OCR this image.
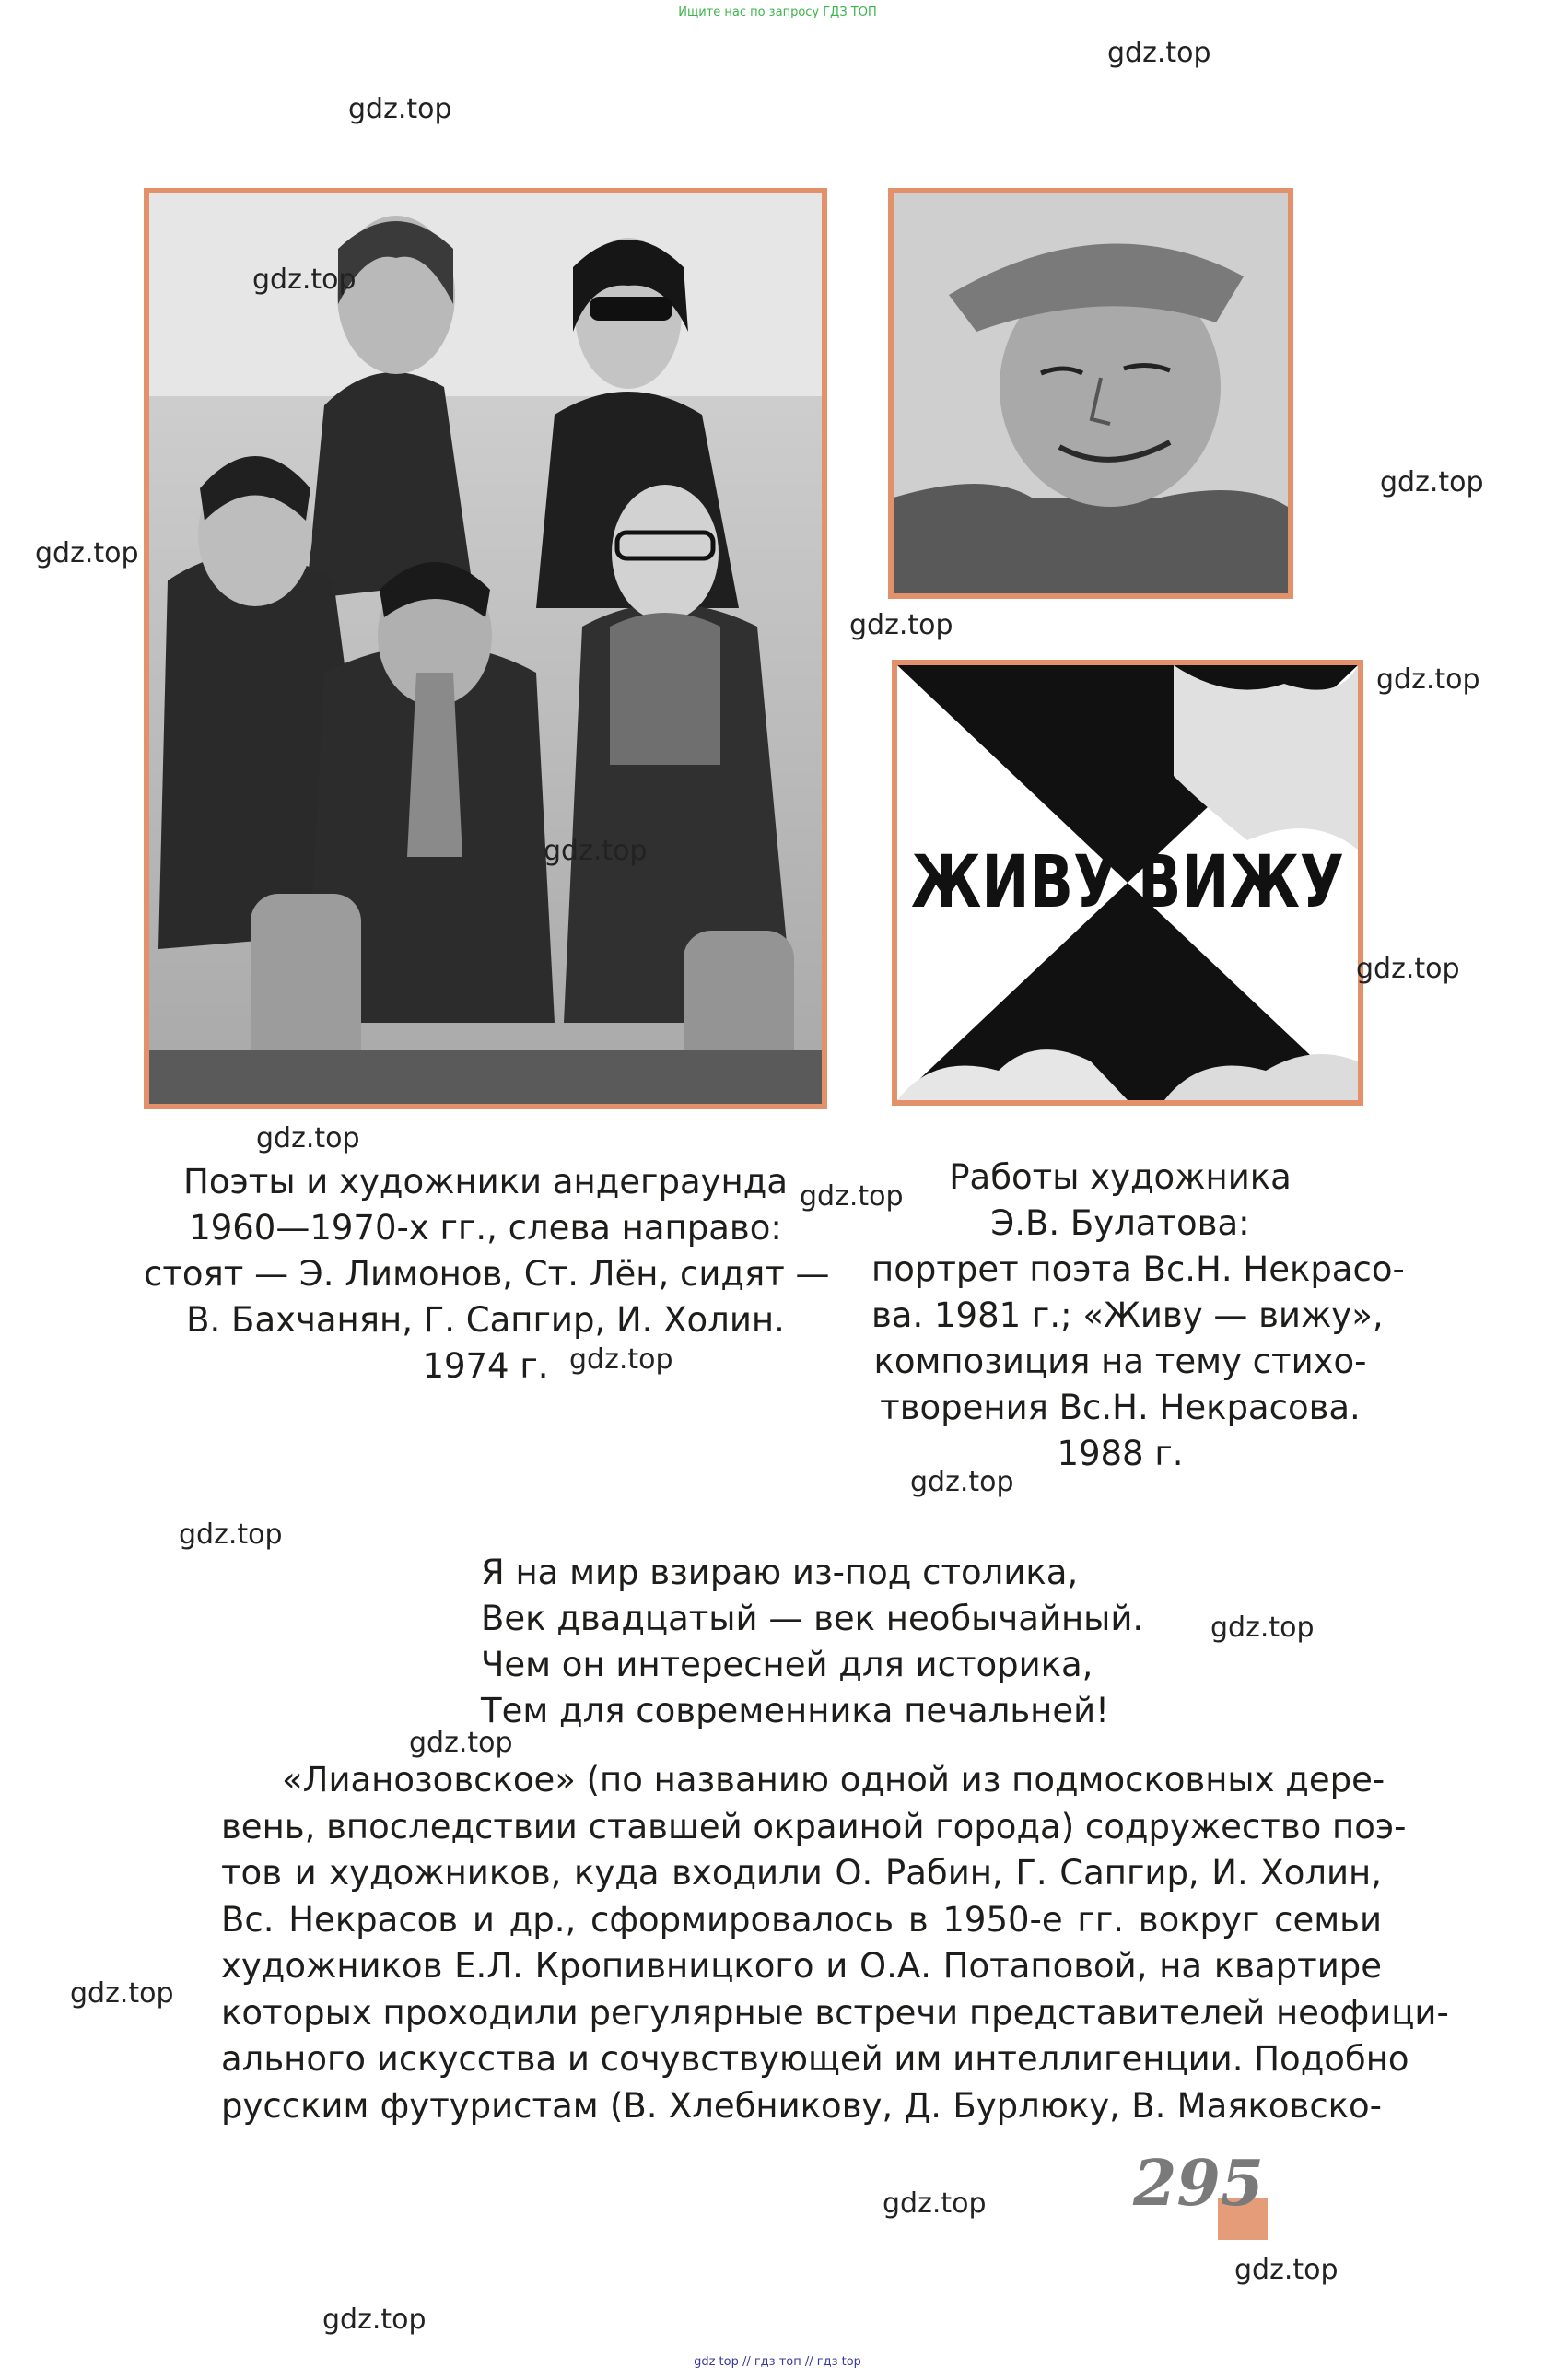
Ищите нас по запросу ГДЗ ТОП
gdz top // гдз топ // гдз top
ЖИВУ ВИЖУ
Поэты и художники андеграунда
1960—1970-х гг., слева направо:
стоят — Э. Лимонов, Ст. Лён, сидят —
В. Бахчанян, Г. Сапгир, И. Холин.
1974 г.
Работы художника
Э.В. Булатова:
портрет поэта Вс.Н. Некрасо-
ва. 1981 г.; «Живу — вижу»,
композиция на тему стихо-
творения Вс.Н. Некрасова.
1988 г.
Я на мир взираю из-под столика,
Век двадцатый — век необычайный.
Чем он интересней для историка,
Тем для современника печальней!
«Лианозовское» (по названию одной из подмосковных дере-
вень, впоследствии ставшей окраиной города) содружество поэ-
тов и художников, куда входили О. Рабин, Г. Сапгир, И. Холин,
Вс. Некрасов и др., сформировалось в 1950-е гг. вокруг семьи
художников Е.Л. Кропивницкого и О.А. Потаповой, на квартире
которых проходили регулярные встречи представителей неофици-
ального искусства и сочувствующей им интеллигенции. Подобно
русским футуристам (В. Хлебникову, Д. Бурлюку, В. Маяковско-
295
gdz.top
gdz.top
gdz.top
gdz.top
gdz.top
gdz.top
gdz.top
gdz.top
gdz.top
gdz.top
gdz.top
gdz.top
gdz.top
gdz.top
gdz.top
gdz.top
gdz.top
gdz.top
gdz.top
gdz.top
